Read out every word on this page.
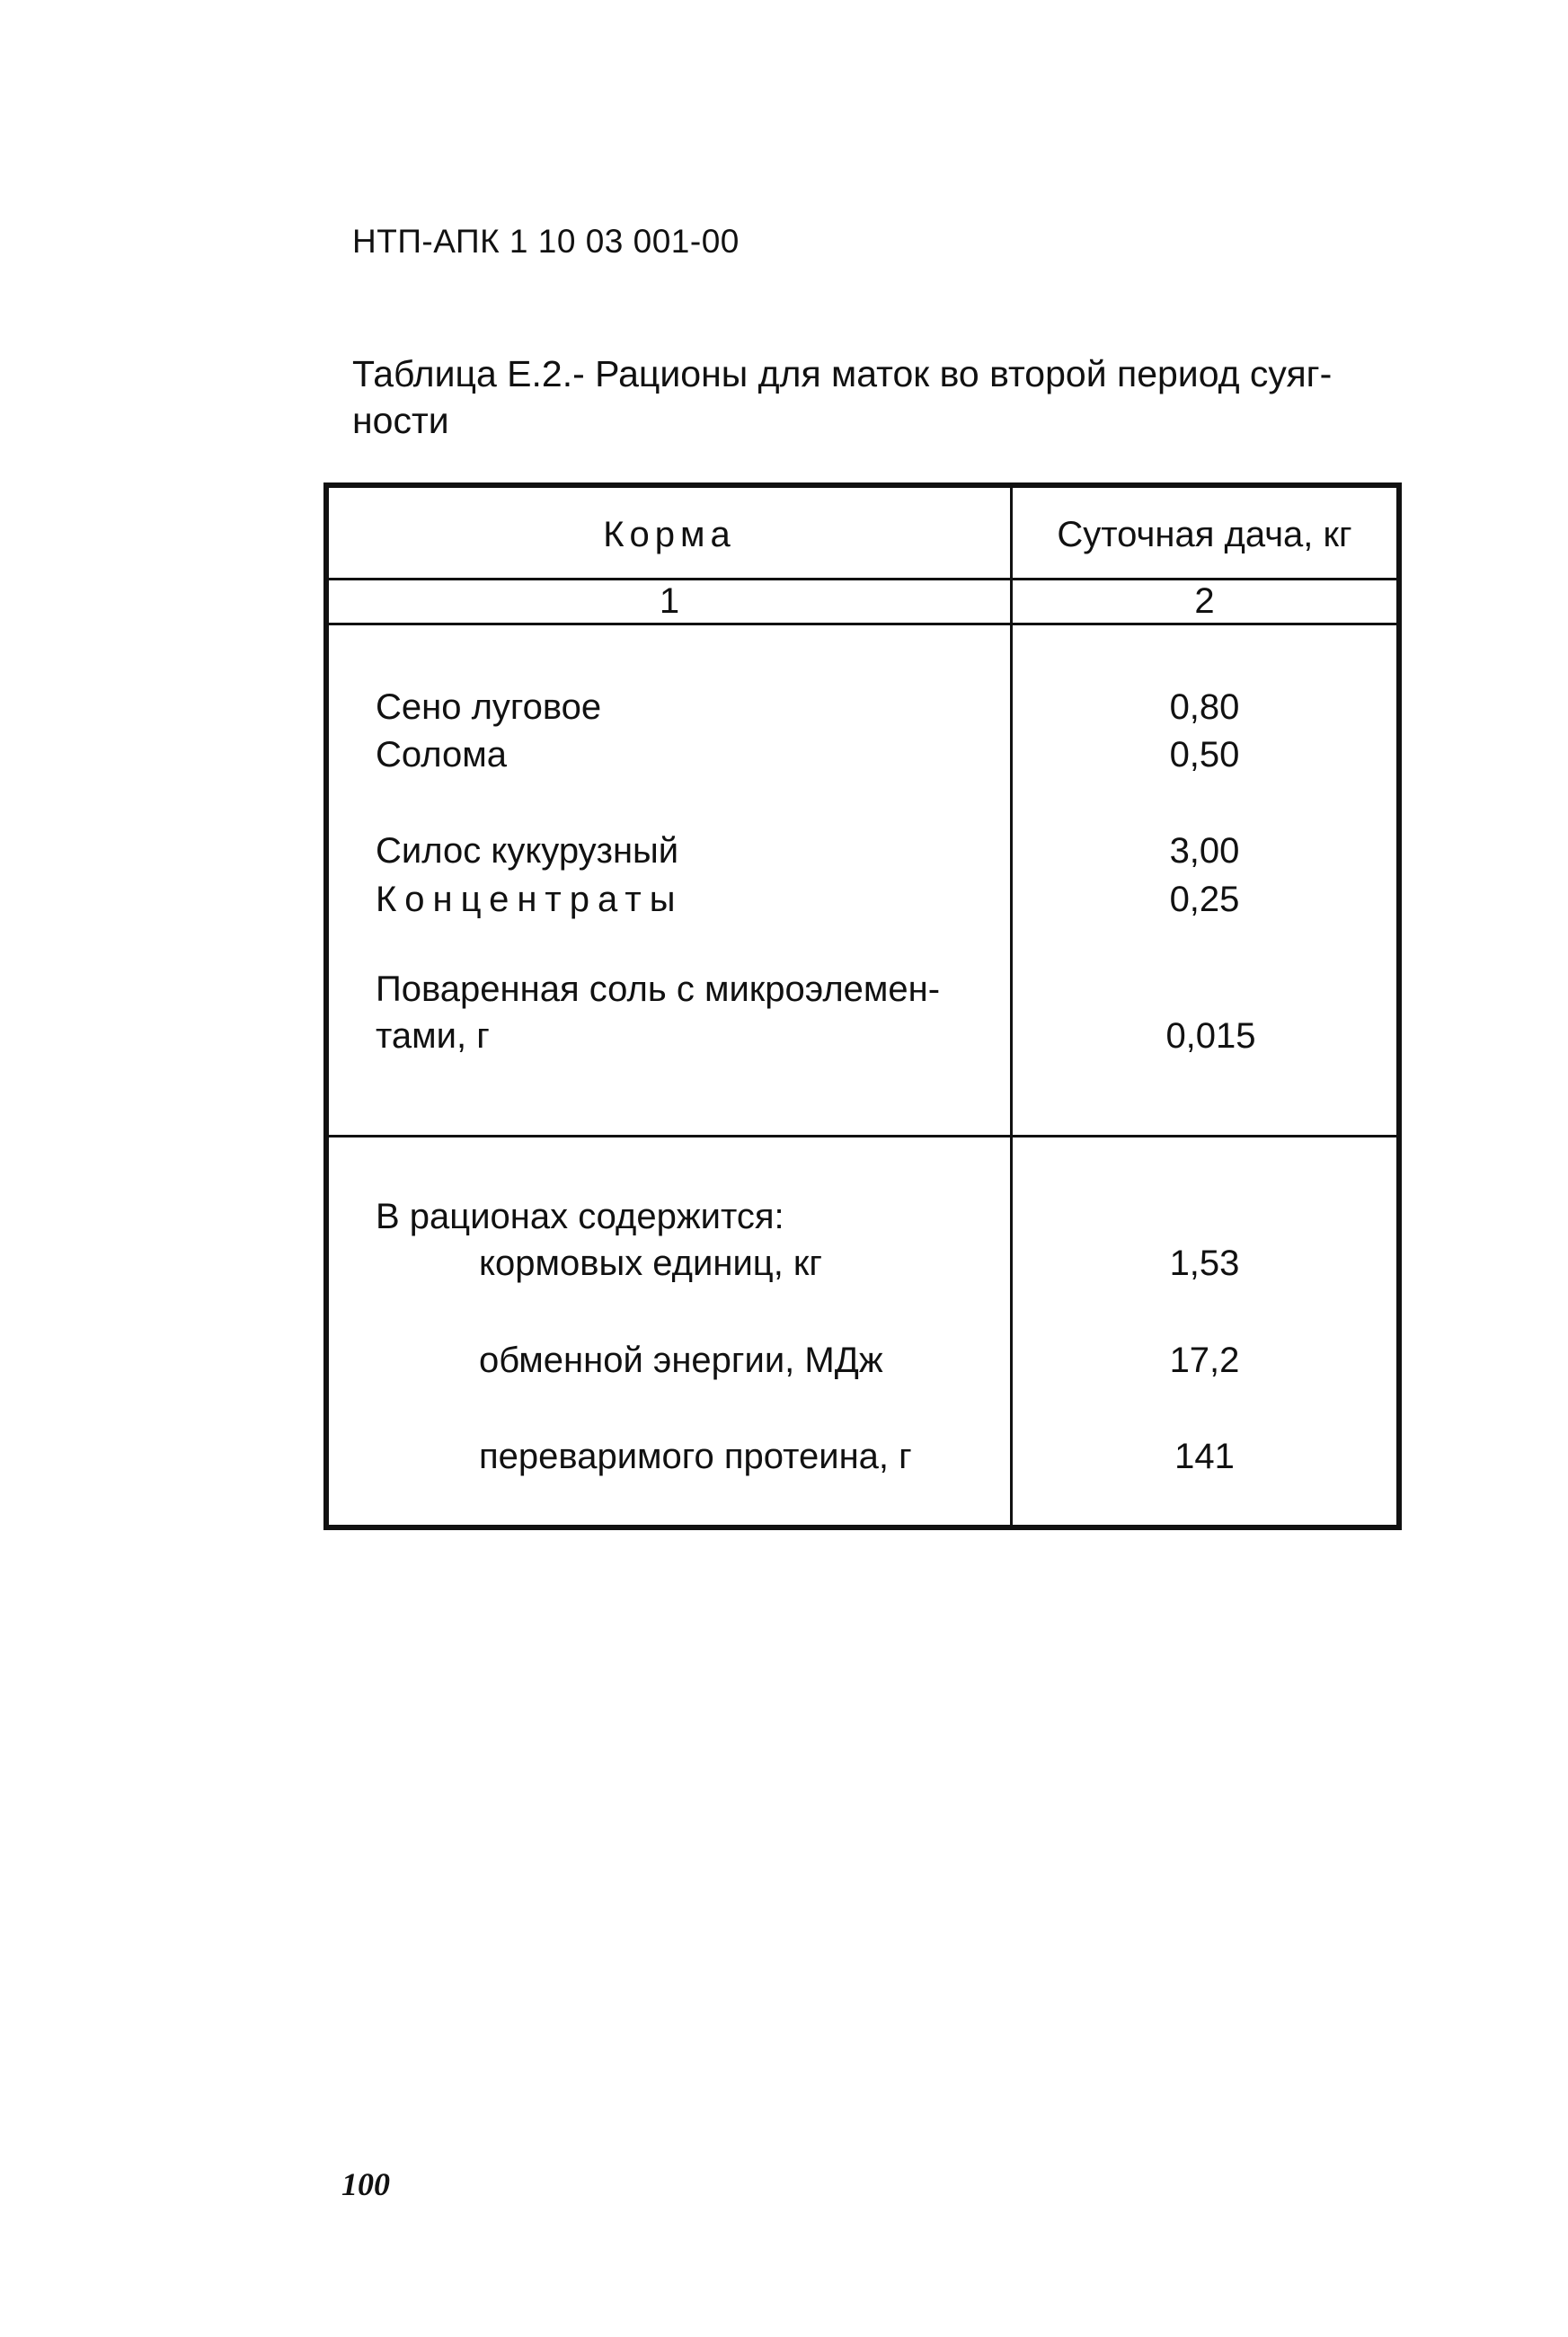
НТП-АПК 1 10 03 001-00
Таблица Е.2.- Рационы для маток во второй период суяг-ности
Корма	Суточная дача, кг
1	2
Сено луговое	0,80
Солома	0,50
Силос кукурузный	3,00
Концентраты	0,25
Поваренная соль с микроэлемен-
тами, г	0,015
В рационах содержится:
кормовых единиц, кг	1,53
обменной энергии, МДж	17,2
переваримого протеина, г	141
100
